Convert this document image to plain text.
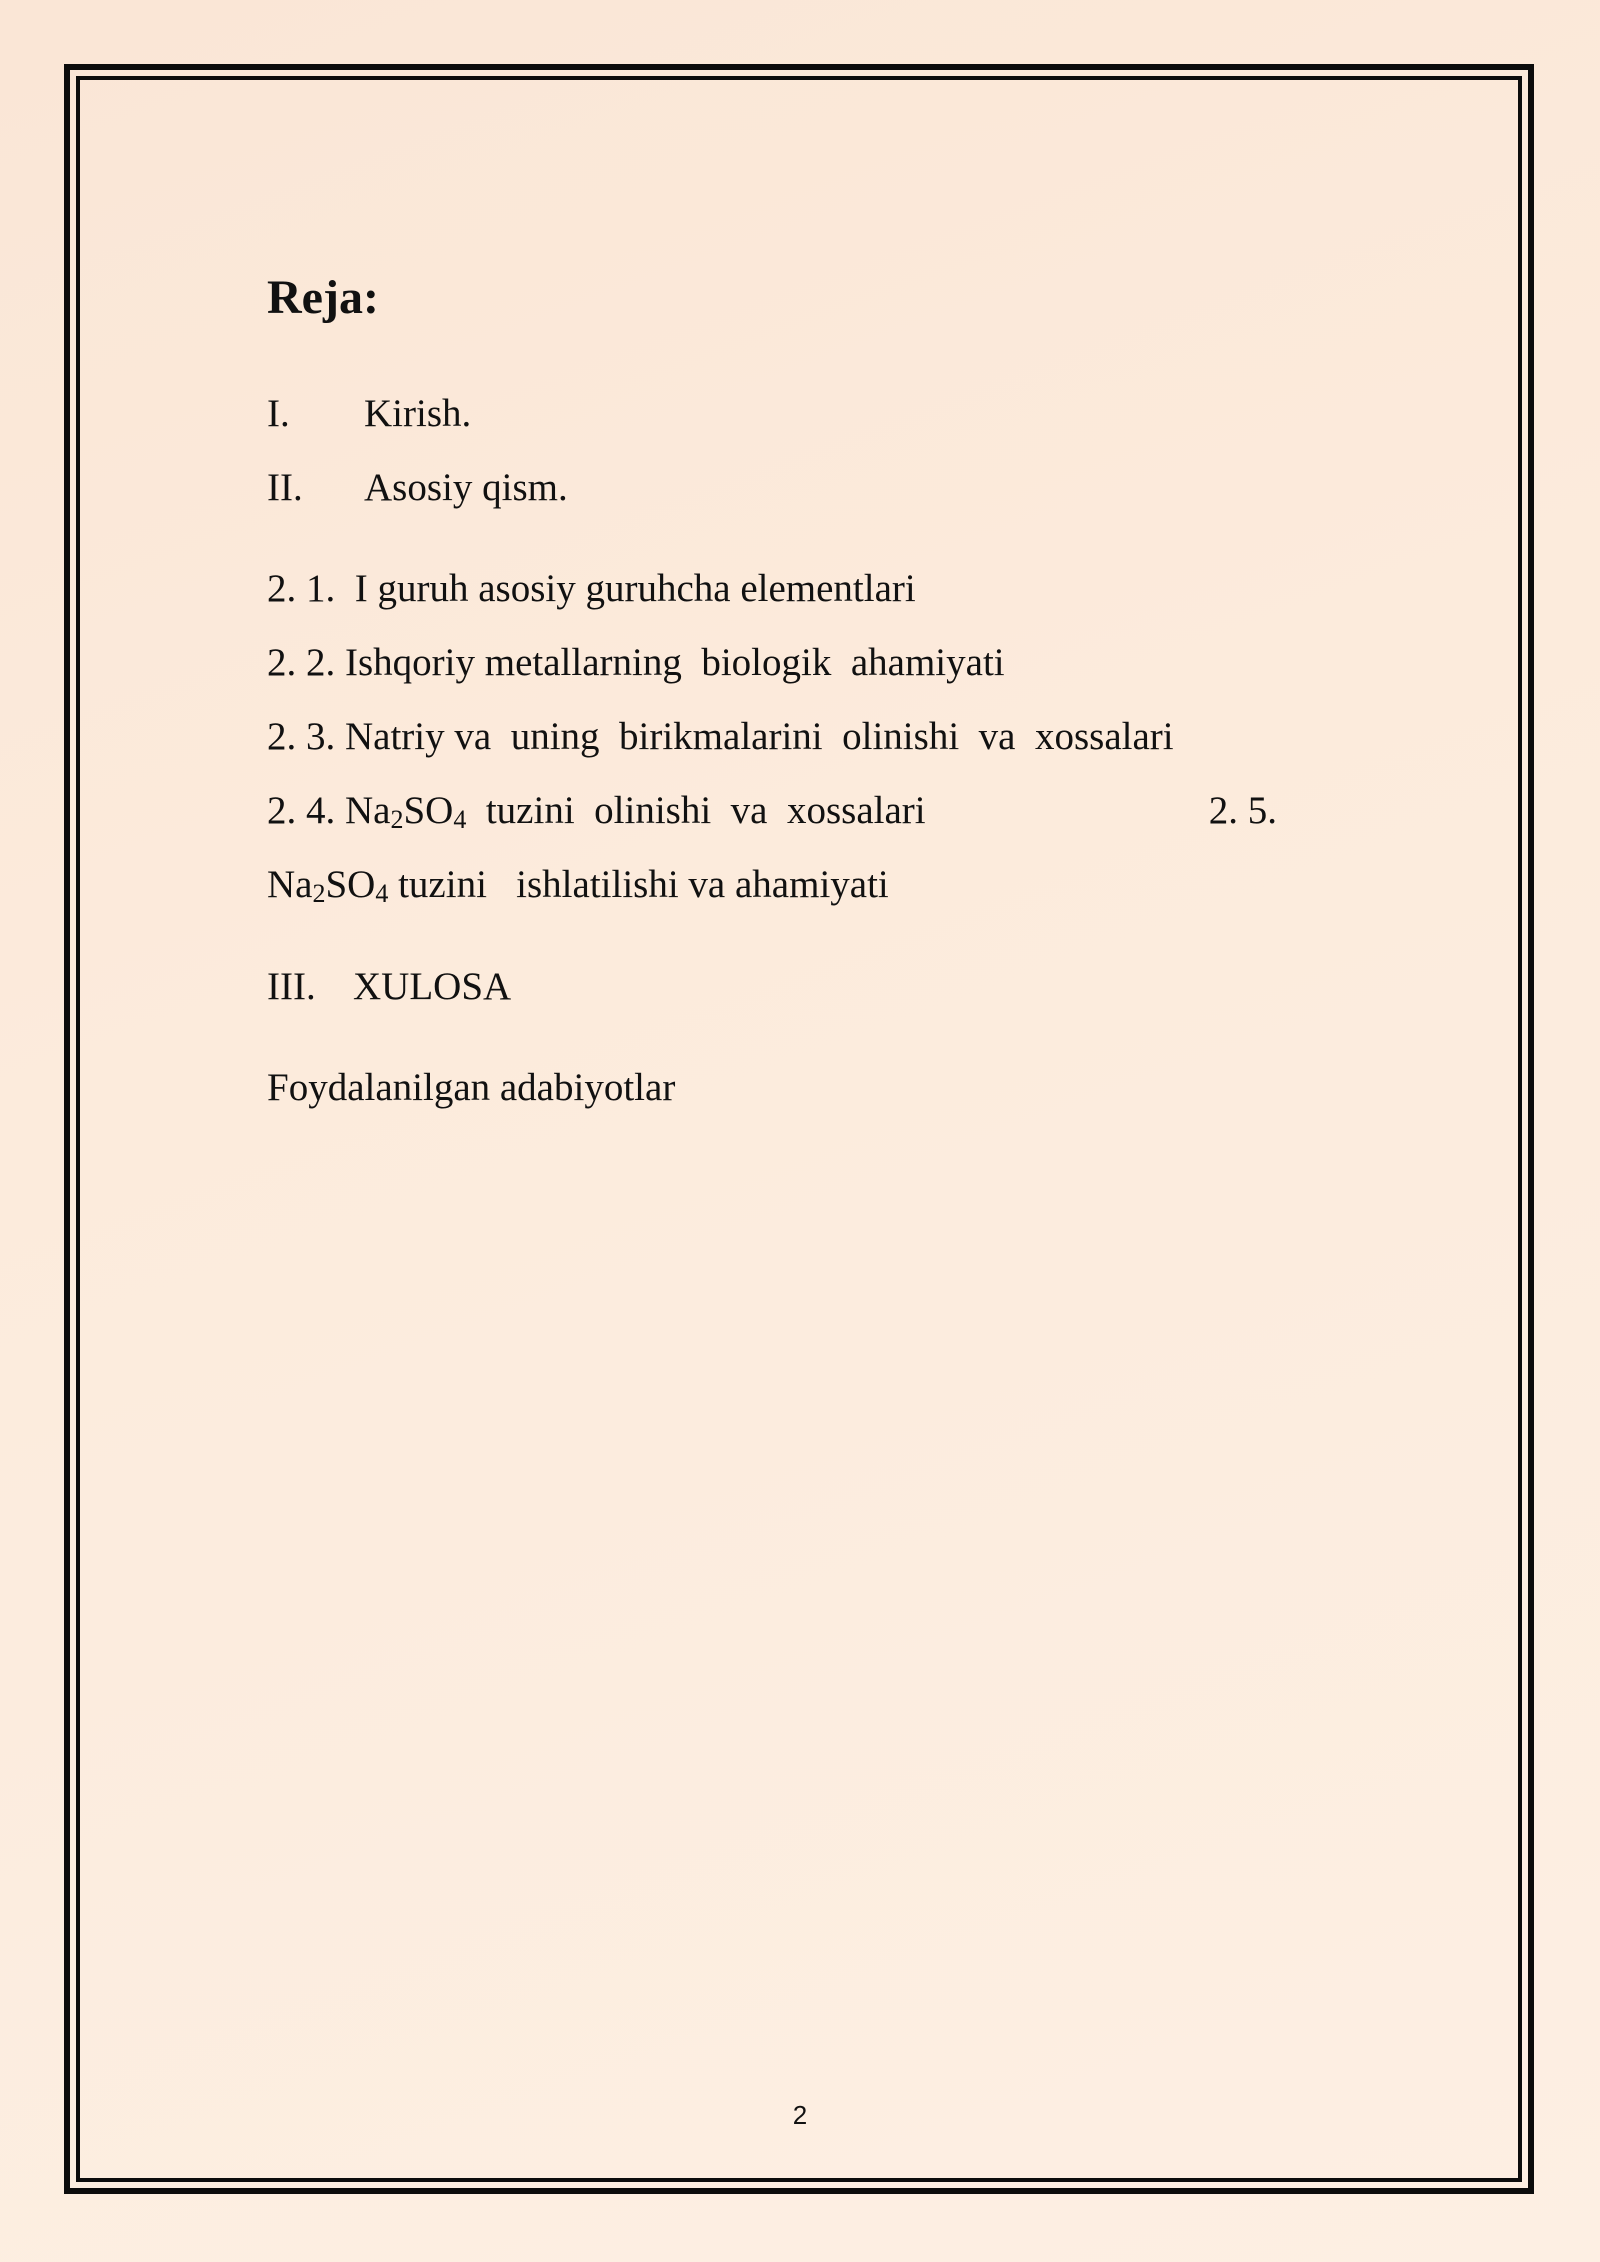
Reja:
I. Kirish.
II. Asosiy qism.
2. 1.  I guruh asosiy guruhcha elementlari
2. 2. Ishqoriy metallarning  biologik  ahamiyati
2. 3. Natriy va  uning  birikmalarini  olinishi  va  xossalari
2. 4. Na2SO4  tuzini  olinishi  va  xossalari	2. 5.
Na2SO4 tuzini   ishlatilishi va ahamiyati
III. XULOSA
Foydalanilgan adabiyotlar
2
